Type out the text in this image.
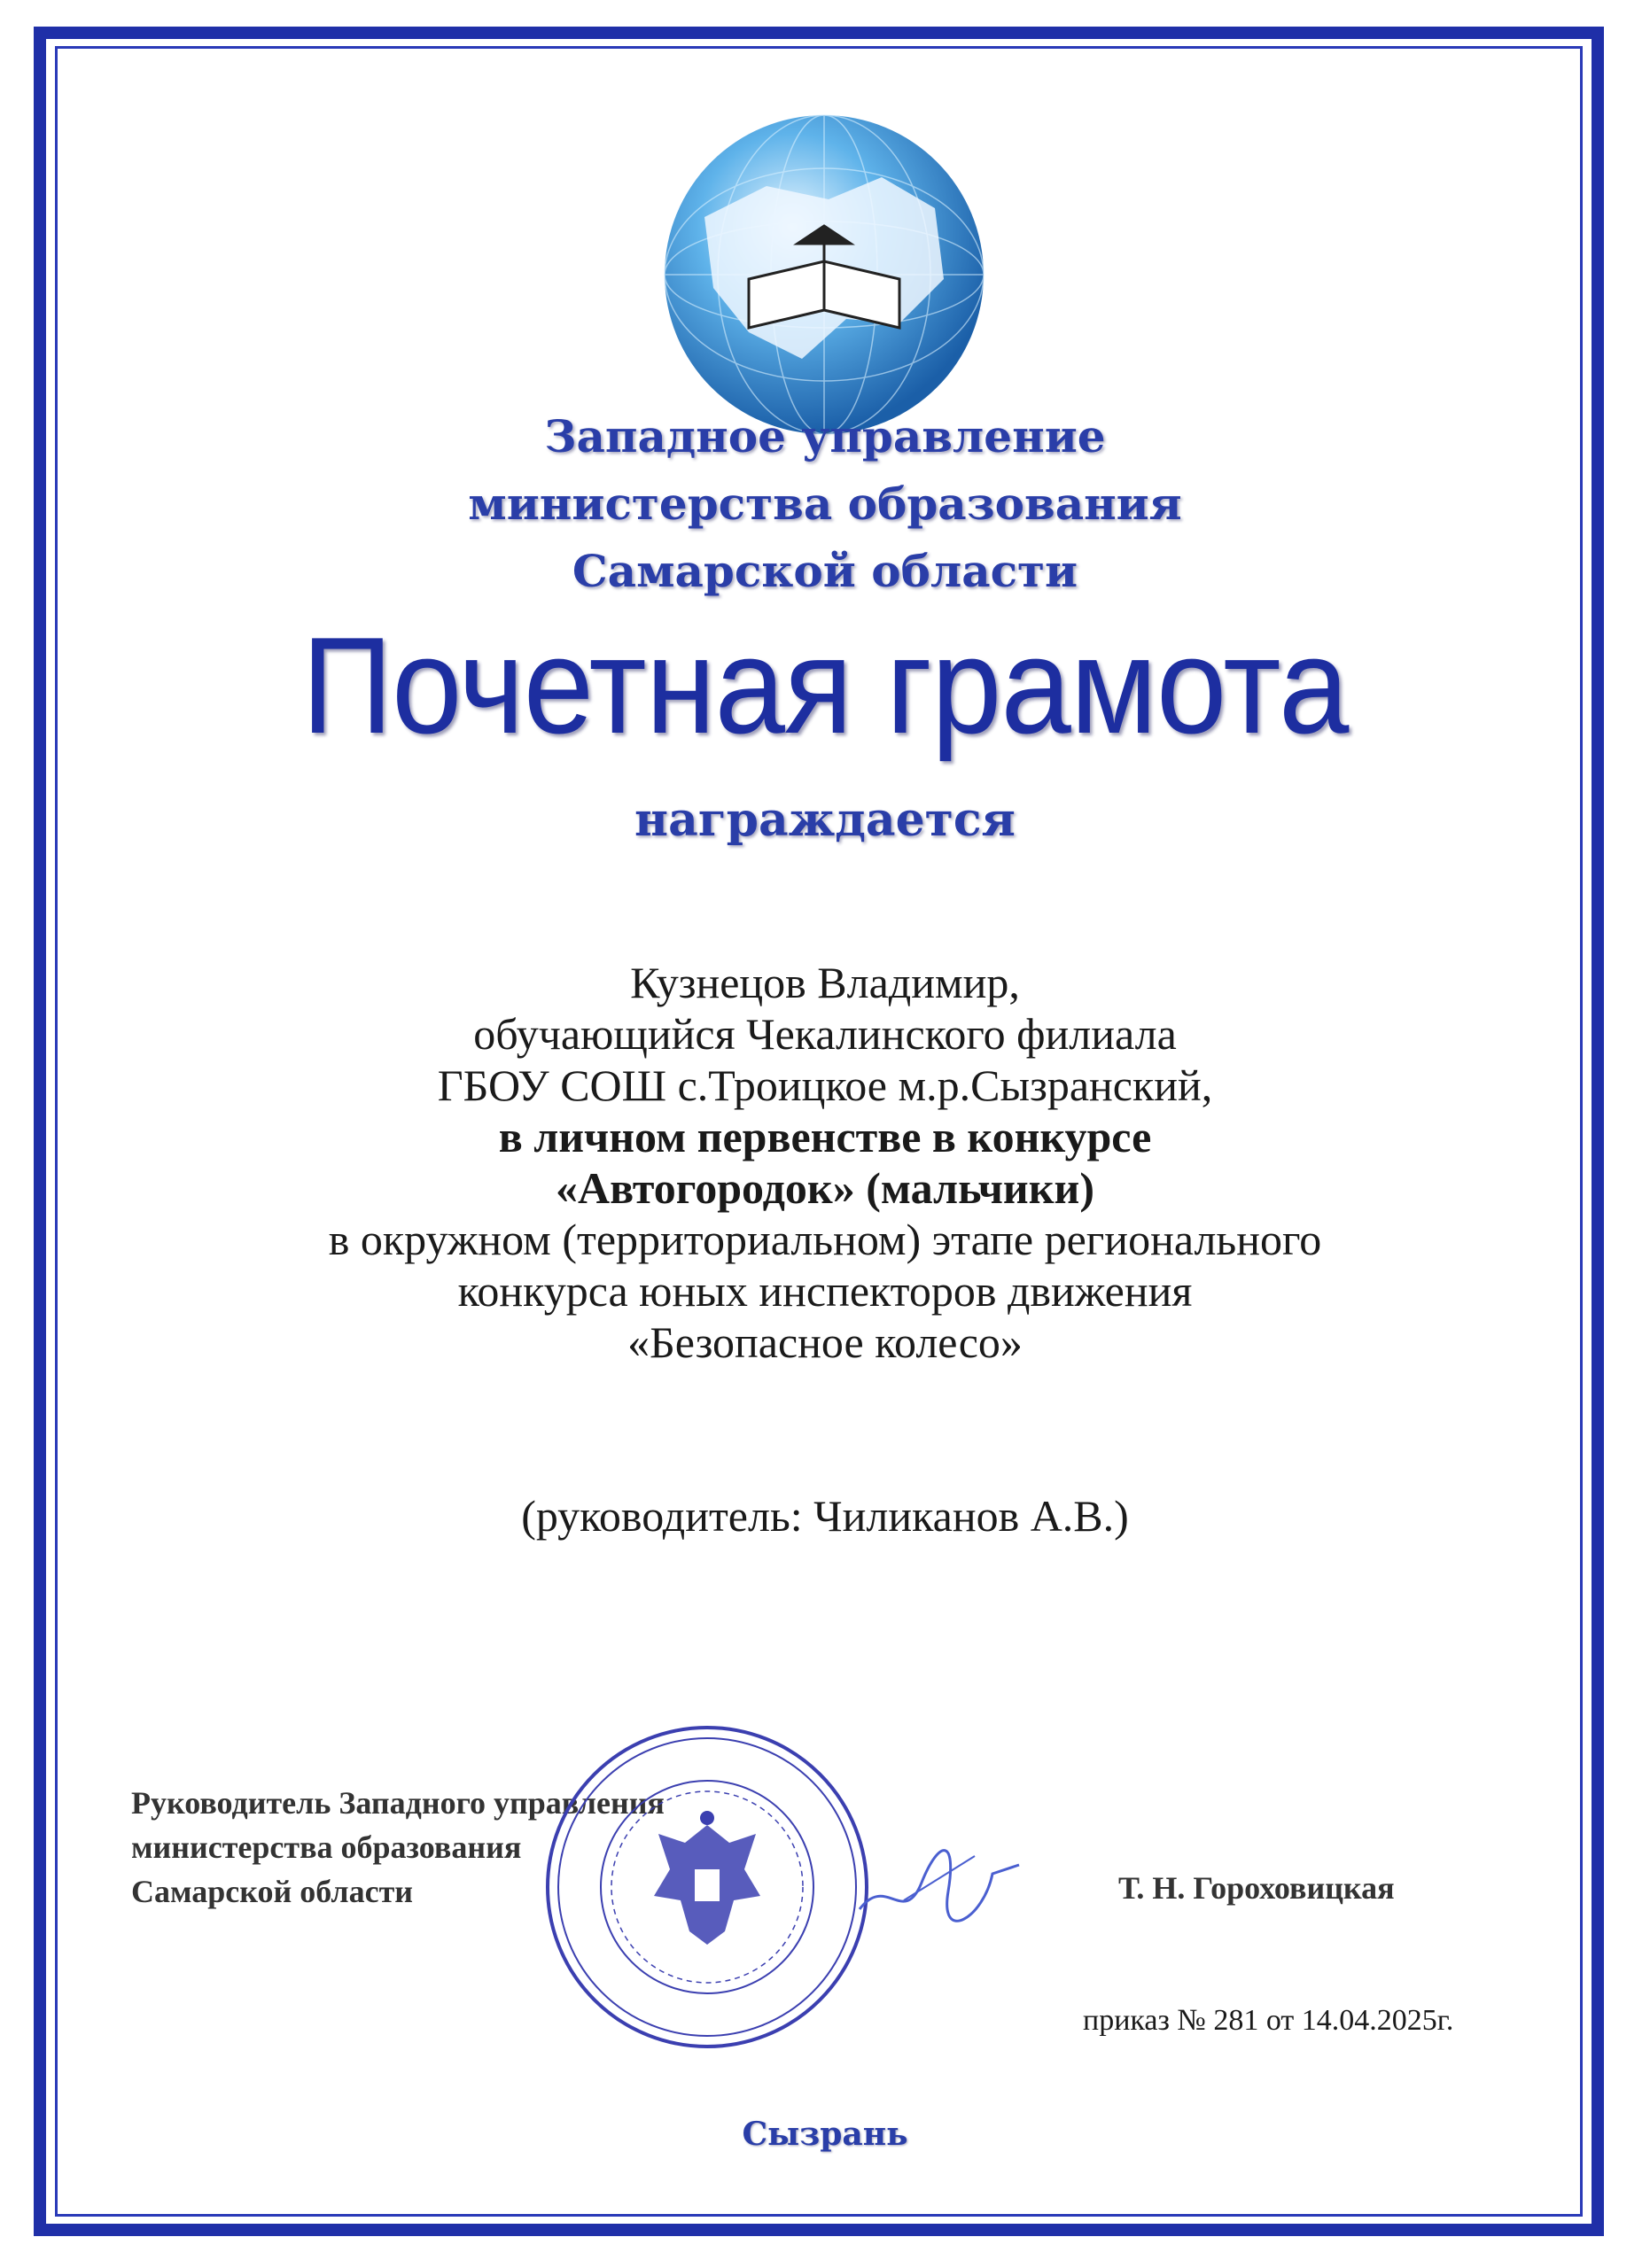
Западное управление
министерства образования
Самарской области
Почетная грамота
награждается
Кузнецов Владимир,
обучающийся Чекалинского филиала
ГБОУ СОШ с.Троицкое м.р.Сызранский,
в личном первенстве в конкурсе
«Автогородок» (мальчики)
в окружном (территориальном) этапе регионального
конкурса юных инспекторов движения
«Безопасное колесо»
(руководитель: Чиликанов А.В.)
Руководитель Западного управления
министерства образования
Самарской области	Т. Н. Гороховицкая
приказ № 281 от 14.04.2025г.
Сызрань
